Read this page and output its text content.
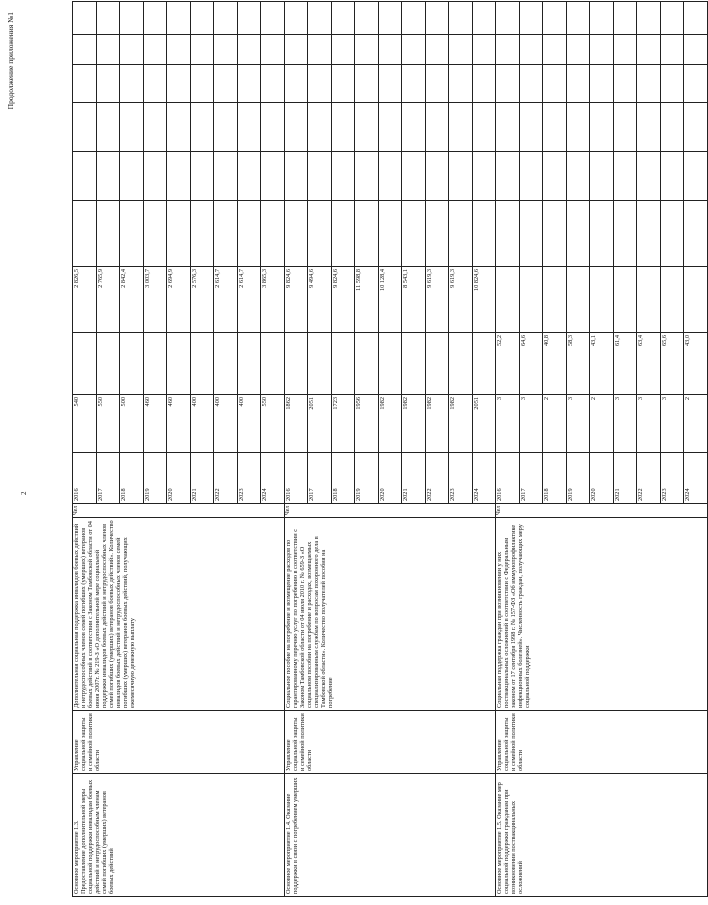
Продолжение приложения №1
2
Основное мероприятие 1.3. Предоставление дополнительной меры социальной поддержки инвалидам боевых действий и нетрудоспособным членам семей погибших (умерших) ветеранов боевых действий	Управление социальной защиты и семейной политики области	Дополнительная социальная поддержка инвалидов боевых действий и нетрудоспособных членов семей погибших (умерших) ветеранов боевых действий в соответствии с Законом Тамбовской области от 04 июня 2007г. № 219-З «О дополнительной мере социальной поддержки инвалидов боевых действий и нетрудоспособных членов семей погибших (умерших) ветеранов боевых действий». Количество инвалидов боевых действий и нетрудоспособных членов семей погибших (умерших) ветеранов боевых действий, получающих ежемесячную денежную выплату	Чел	2016	540		2 826,5						
				2017	550		2 765,9						
				2018	500		2 842,4						
				2019	460		3 003,7						
				2020	460		2 694,9						
				2021	400		2 576,3						
				2022	400		2 614,7						
				2023	400		2 614,7						
				2024	550		3 865,3						
Основное мероприятие 1.4. Оказание поддержки в связи с погребением умерших	Управление социальной защиты и семейной политики области	Социальное пособие на погребение и возмещение расходов по гарантированному перечню услуг по погребению в соответствии с Законом Тамбовской области от 04 июля 2010 г. № 659-З «О социальном пособии на погребение и расходах, возмещаемых специализированным службам по вопросам похоронного дела в Тамбовской области». Количество получателей пособия на погребение	Чел	2016	1862		9 824,6						
				2017	2051		9 494,6						
				2018	1723		9 824,6						
				2019	1956		11 598,8						
				2020	1982		10 128,4						
				2021	1982		8 543,1						
				2022	1982		9 619,3						
				2023	1982		9 619,3						
				2024	2051		10 824,6						
Основное мероприятие 1.5. Оказание мер социальной поддержки гражданам при возникновении поствакцинальных осложнений	Управление социальной защиты и семейной политики области	Социальная поддержка граждан при возникновении у них поствакцинальных осложнений в соответствии с Федеральным законом от 17 сентября 1998 г. № 157-ФЗ «Об иммунопрофилактике инфекционных болезней». Численность граждан, получающих меру социальной поддержки	Чел	2016	3	52,2							
				2017	3	64,6							
				2018	2	40,8							
				2019	3	58,3							
				2020	2	43,1							
				2021	3	61,4							
				2022	3	63,4							
				2023	3	65,6							
				2024	2	43,0							
